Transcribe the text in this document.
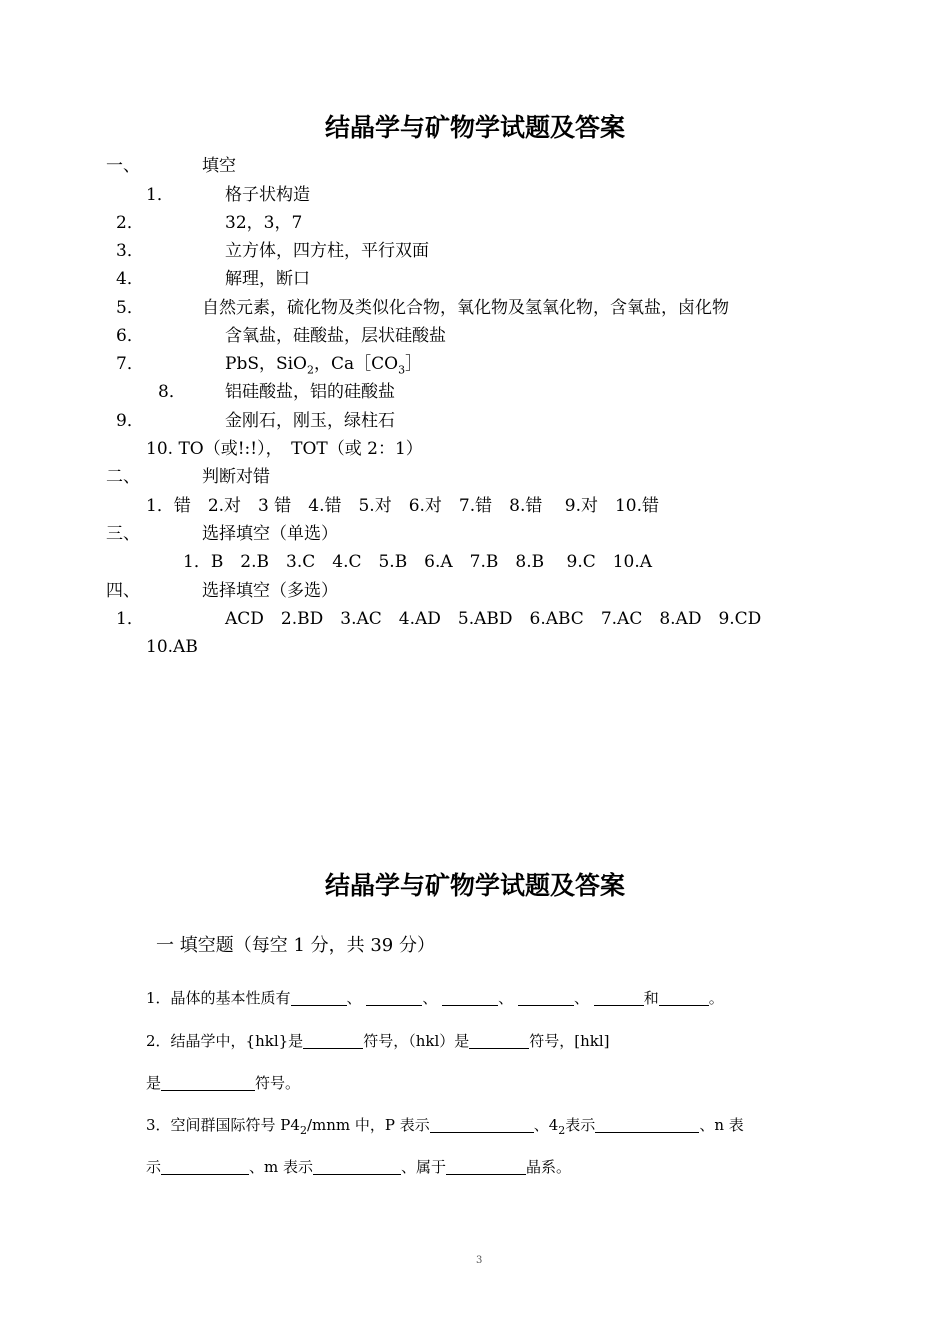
结晶学与矿物学试题及答案
一、	填空
1．	格子状构造
2．	32，3，7
3．	立方体，四方柱，平行双面
4．	解理，断口
5．	自然元素，硫化物及类似化合物，氧化物及氢氧化物，含氧盐，卤化物
6．	含氧盐，硅酸盐，层状硅酸盐
7．	PbS，SiO$_2$，$Ca[CO_3]$
8． 铝硅酸盐，铝的硅酸盐
9．	金刚石，刚玉，绿柱石
10. TO（或!:!），　TOT（或 2：1）
二、	判断对错
1．错　2.对　3 错　4.错　5.对　6.对　7.错　8.错　 9.对　10.错
三、	选择填空（单选）
1．B　2.B　3.C　4.C　5.B　6.A　7.B　8.B　 9.C　10.A
四、	选择填空（多选）
1．	ACD　2.BD　3.AC　4.AD　5.ABD　6.ABC　7.AC　8.AD　9.CD
10.AB
结晶学与矿物学试题及答案
一 填空题（每空 1 分，共 39 分）
1．晶体的基本性质有	、	、	、	、	和	。
2．结晶学中，{hkl}是	符号，（hkl）是	符号，[hkl]
是	符号。
3．空间群国际符号 $P4_2$/mnm 中，P 表示	、$4_2$表示	、n 表
示	、m 表示	、属于	晶系。
3
